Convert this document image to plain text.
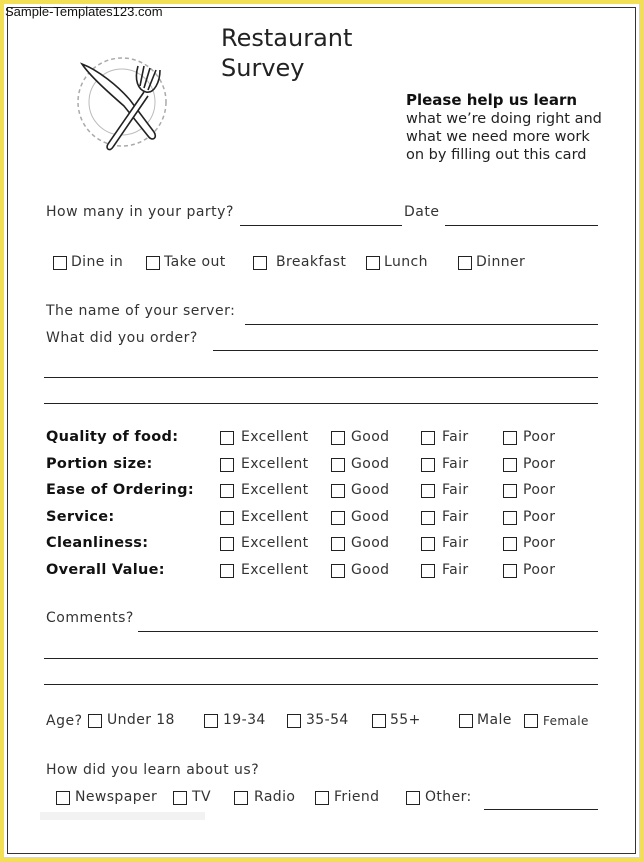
Sample-Templates123.com
Restaurant
Survey
Please help us learn
what we’re doing right and
what we need more work
on by filling out this card
How many in your party?	Date
Dine in	Take out	Breakfast	Lunch	Dinner
The name of your server:
What did you order?
Quality of food:	Excellent	Good	Fair	Poor
Portion size:	Excellent	Good	Fair	Poor
Ease of Ordering:	Excellent	Good	Fair	Poor
Service:	Excellent	Good	Fair	Poor
Cleanliness:	Excellent	Good	Fair	Poor
Overall Value:	Excellent	Good	Fair	Poor
Comments?
Age? Under 18	19-34	35-54	55+	Male	Female
How did you learn about us?
Newspaper TV	Radio	Friend	Other:
